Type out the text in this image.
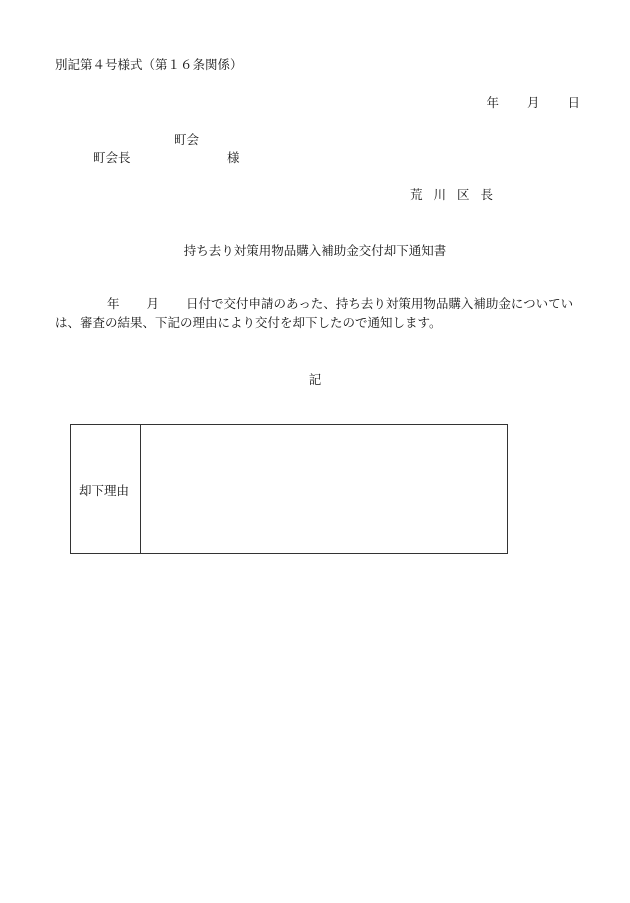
別記第４号様式（第１６条関係）
年 月 日
町会
町会長	様
荒 川 区 長
持ち去り対策用物品購入補助金交付却下通知書
年 月 日付で交付申請のあった、持ち去り対策用物品購入補助金についてい
は、審査の結果、下記の理由により交付を却下したので通知します。
記
却下理由
